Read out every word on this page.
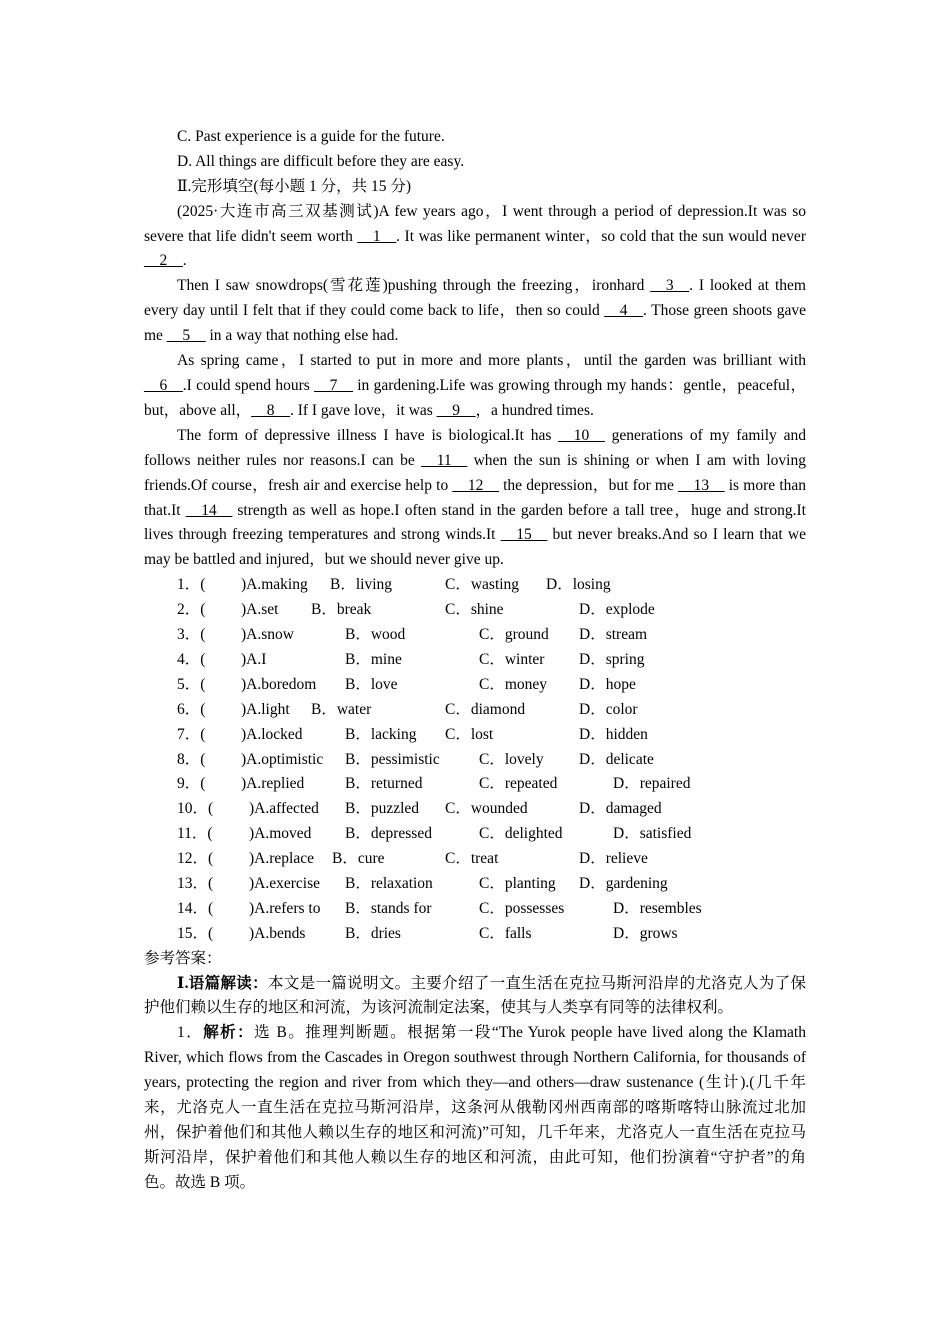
C. Past experience is a guide for the future.
D. All things are difficult before they are easy.
Ⅱ.完形填空(每小题 1 分，共 15 分)
(2025·大连市高三双基测试)A few years ago，I went through a period of depression.It was so severe that life didn't seem worth __1__. It was like permanent winter，so cold that the sun would never __2__.
Then I saw snowdrops(雪花莲)pushing through the freezing，ironhard __3__. I looked at them every day until I felt that if they could come back to life，then so could __4__. Those green shoots gave me __5__ in a way that nothing else had.
As spring came，I started to put in more and more plants，until the garden was brilliant with __6__.I could spend hours __7__ in gardening.Life was growing through my hands：gentle，peaceful，but，above all，__8__. If I gave love，it was __9__，a hundred times.
The form of depressive illness I have is biological.It has __10__ generations of my family and follows neither rules nor reasons.I can be __11__ when the sun is shining or when I am with loving friends.Of course，fresh air and exercise help to __12__ the depression，but for me __13__ is more than that.It __14__ strength as well as hope.I often stand in the garden before a tall tree，huge and strong.It lives through freezing temperatures and strong winds.It __15__ but never breaks.And so I learn that we may be battled and injured，but we should never give up.
1．( )A.making B．living	C．wasting D．losing
2．( )A.set B．break	C．shine	D．explode
3．( )A.snow	B．wood	C．ground D．stream
4．( )A.I	B．mine	C．winter D．spring
5．( )A.boredom B．love	C．money D．hope
6．( )A.light B．water	C．diamond	D．color
7．( )A.locked	B．lacking C．lost	D．hidden
8．( )A.optimistic B．pessimistic	C．lovely D．delicate
9．( )A.replied	B．returned	C．repeated	D．repaired
10．( )A.affected B．puzzled C．wounded	D．damaged
11．( )A.moved B．depressed	C．delighted	D．satisfied
12．( )A.replace B．cure	C．treat	D．relieve
13．( )A.exercise B．relaxation	C．planting D．gardening
14．( )A.refers to B．stands for	C．possesses	D．resembles
15．( )A.bends	B．dries	C．falls	D．grows
参考答案：
Ⅰ.语篇解读：本文是一篇说明文。主要介绍了一直生活在克拉马斯河沿岸的尤洛克人为了保护他们赖以生存的地区和河流，为该河流制定法案，使其与人类享有同等的法律权利。
1．解析：选 B。推理判断题。根据第一段“The Yurok people have lived along the Klamath River, which flows from the Cascades in Oregon southwest through Northern California, for thousands of years, protecting the region and river from which they—and others—draw sustenance (生计).(几千年来，尤洛克人一直生活在克拉马斯河沿岸，这条河从俄勒冈州西南部的喀斯喀特山脉流过北加州，保护着他们和其他人赖以生存的地区和河流)”可知，几千年来，尤洛克人一直生活在克拉马斯河沿岸，保护着他们和其他人赖以生存的地区和河流，由此可知，他们扮演着“守护者”的角色。故选 B 项。
